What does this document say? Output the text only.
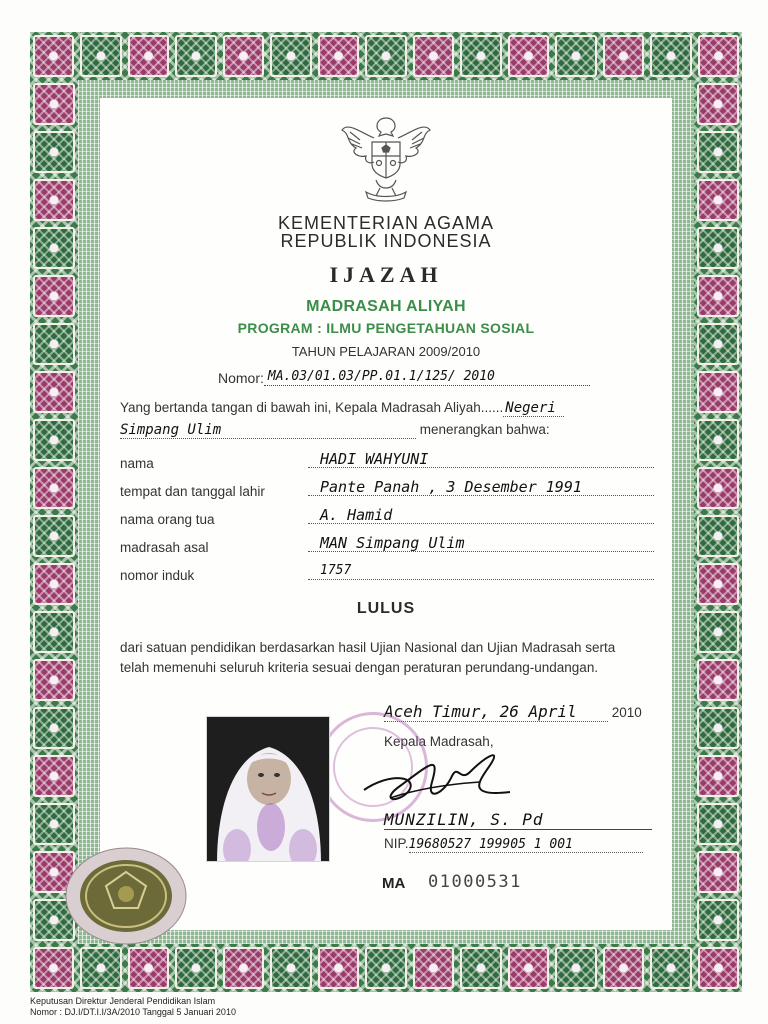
KEMENTERIAN AGAMA
REPUBLIK INDONESIA
IJAZAH
MADRASAH ALIYAH
PROGRAM : ILMU PENGETAHUAN SOSIAL
TAHUN PELAJARAN 2009/2010
Nomor: MA.03/01.03/PP.01.1/125/ 2010
Yang bertanda tangan di bawah ini, Kepala Madrasah Aliyah...... Negeri
Simpang Ulim	menerangkan bahwa:
nama	HADI WAHYUNI
tempat dan tanggal lahir	Pante Panah , 3 Desember 1991
nama orang tua	A. Hamid
madrasah asal	MAN Simpang Ulim
nomor induk	1757
LULUS
dari satuan pendidikan berdasarkan hasil Ujian Nasional dan Ujian Madrasah serta
telah memenuhi seluruh kriteria sesuai dengan peraturan perundang-undangan.
Aceh Timur, 26 April	2010
Kepala Madrasah,
MUNZILIN, S. Pd
NIP.19680527 199905 1 001
MA 01000531
Keputusan Direktur Jenderal Pendidikan Islam
Nomor : DJ.I/DT.I.I/3A/2010 Tanggal 5 Januari 2010
